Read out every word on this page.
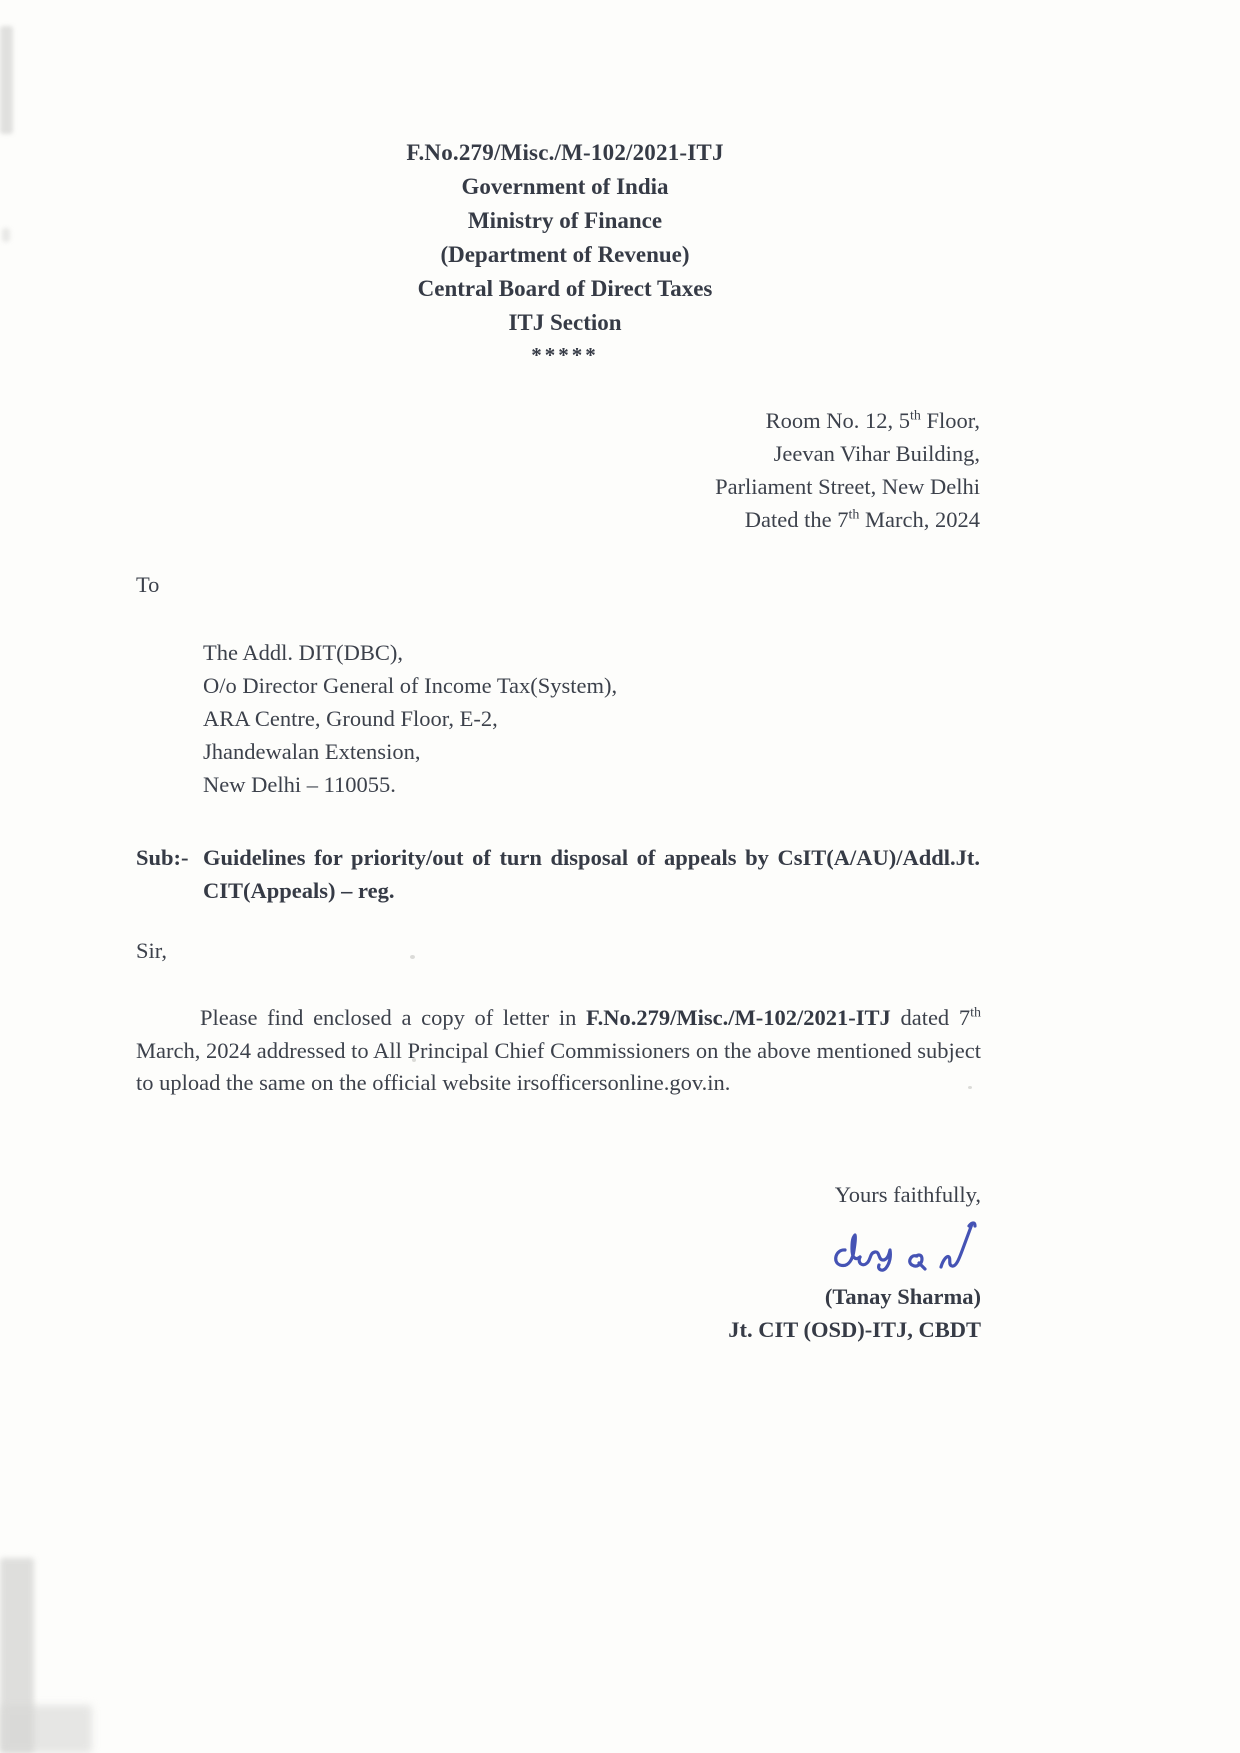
F.No.279/Misc./M-102/2021-ITJ
Government of India
Ministry of Finance
(Department of Revenue)
Central Board of Direct Taxes
ITJ Section
*****
Room No. 12, 5th Floor,
Jeevan Vihar Building,
Parliament Street, New Delhi
Dated the 7th March, 2024
To
The Addl. DIT(DBC),
O/o Director General of Income Tax(System),
ARA Centre, Ground Floor, E-2,
Jhandewalan Extension,
New Delhi – 110055.
Sub:- Guidelines for priority/out of turn disposal of appeals by CsIT(A/AU)/Addl.Jt.
CIT(Appeals) – reg.
Sir,
Please find enclosed a copy of letter in F.No.279/Misc./M-102/2021-ITJ dated 7th March, 2024 addressed to All Principal Chief Commissioners on the above mentioned subject to upload the same on the official website irsofficersonline.gov.in.
Yours faithfully,
(Tanay Sharma)
Jt. CIT (OSD)-ITJ, CBDT
